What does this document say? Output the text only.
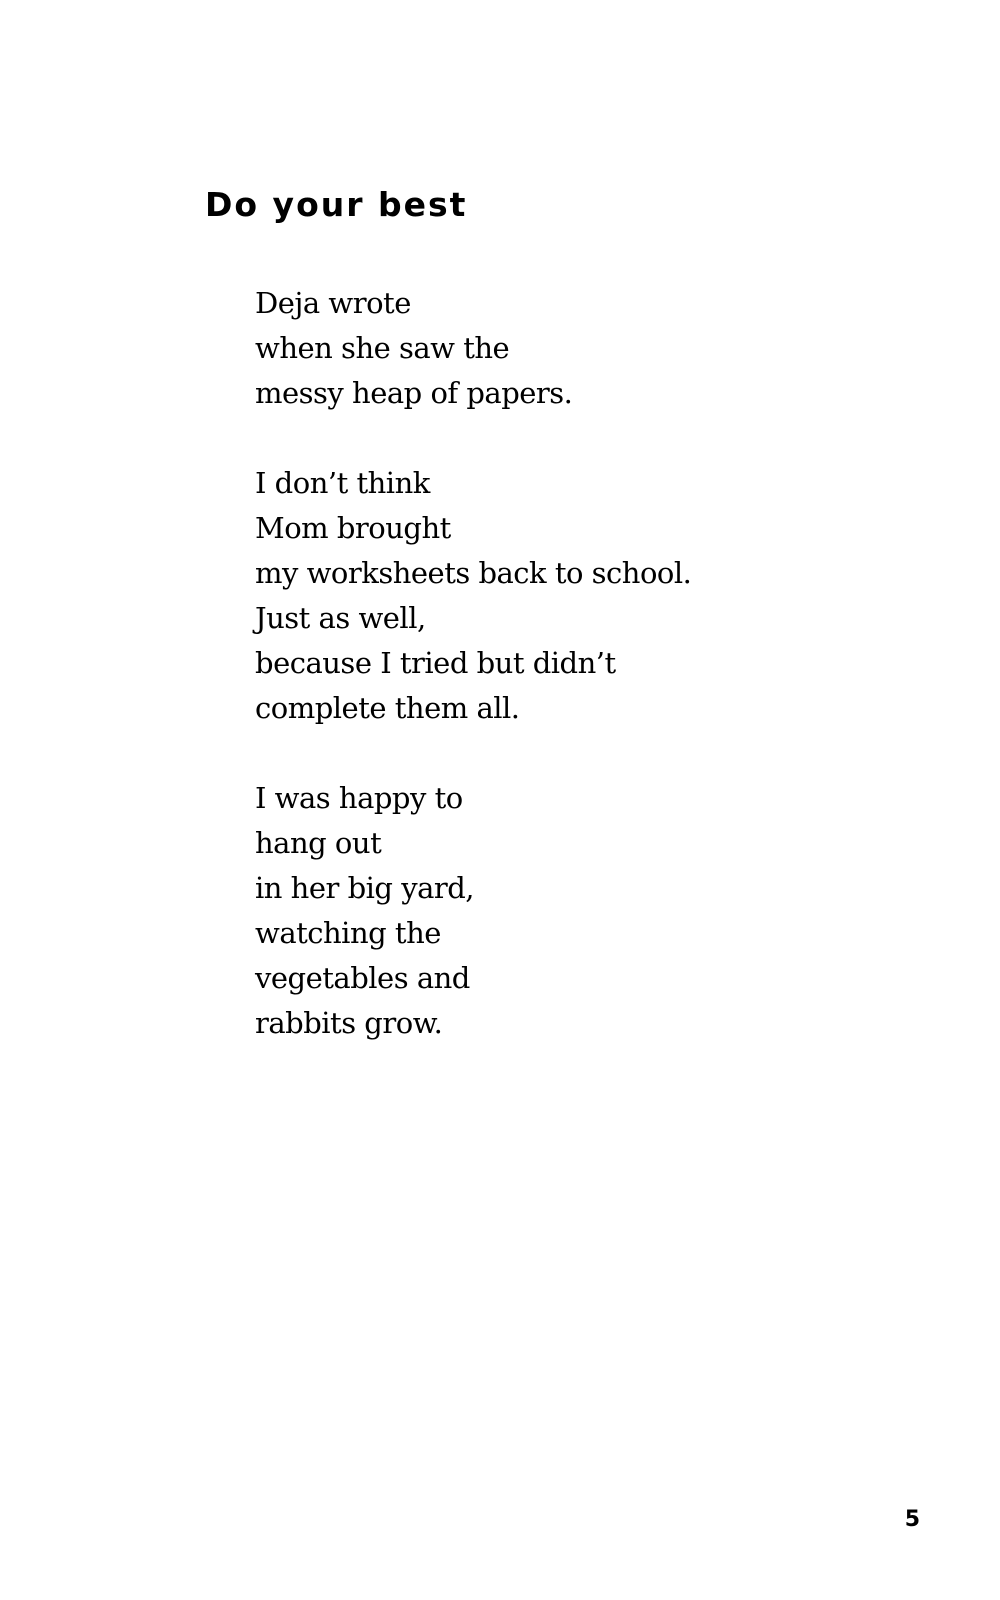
Do your best

Deja wrote
when she saw the
messy heap of papers.

I don’t think
Mom brought
my worksheets back to school.
Just as well,
because I tried but didn’t
complete them all.

I was happy to
hang out
in her big yard,
watching the
vegetables and
rabbits grow.

5
